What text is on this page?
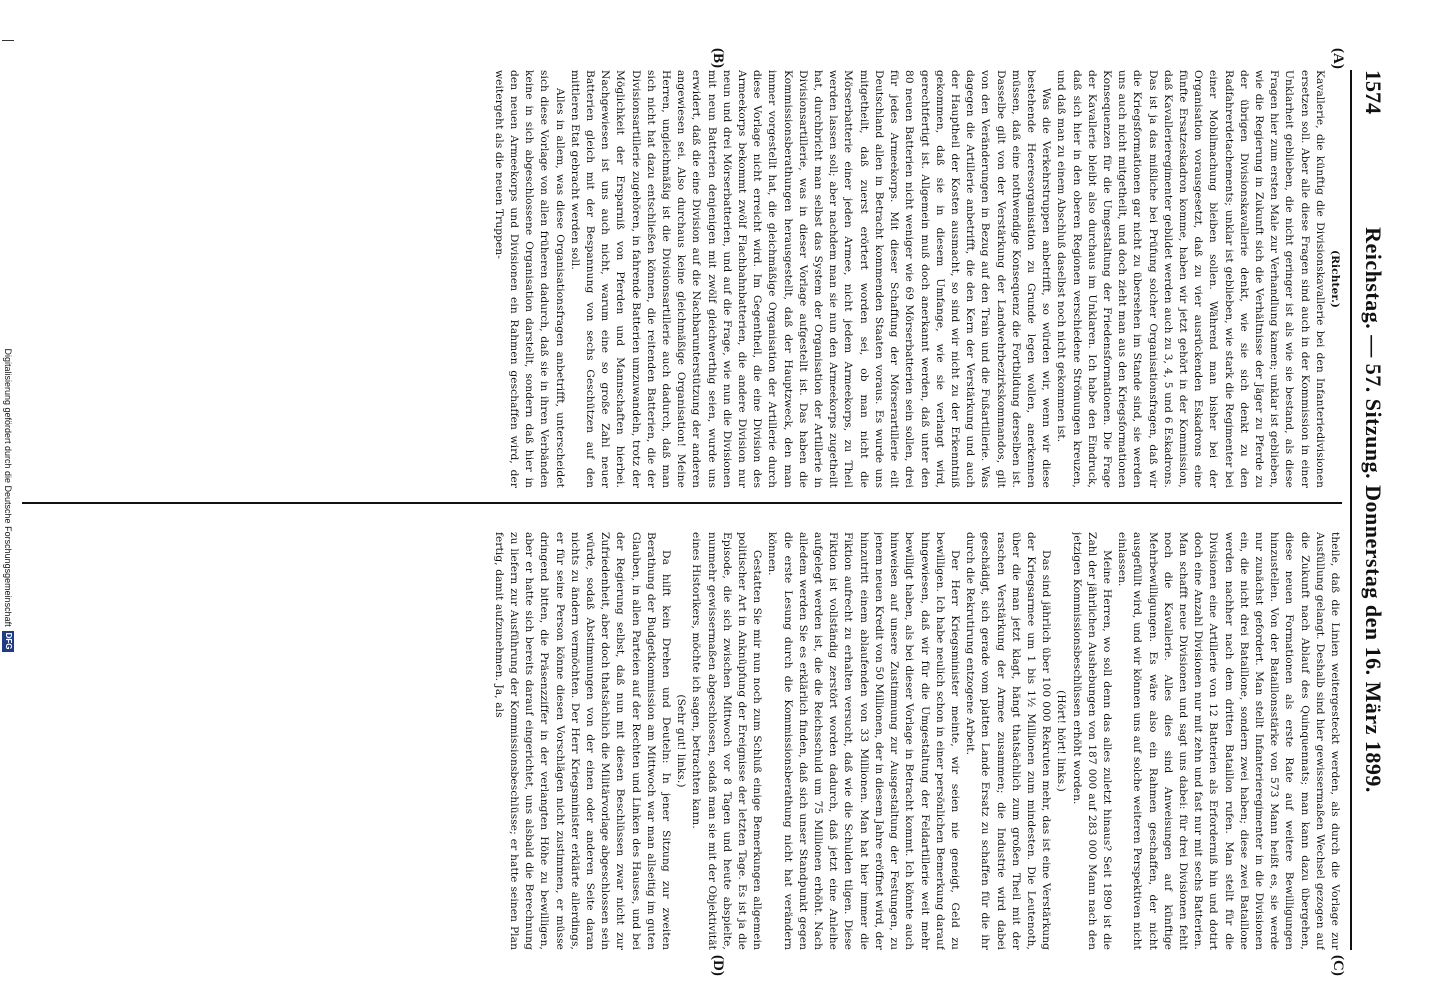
1574
Reichstag. — 57. Sitzung. Donnerstag den 16. März 1899.
(A)
(B)
(C)
(D)

(Richter.)

Kavallerie, die künftig die Divisionskavallerie bei den Infanteriedivisionen ersetzen soll. Aber alle diese Fragen sind auch in der Kommission in einer Unklarheit geblieben, die nicht geringer ist als wie sie bestand, als diese Fragen hier zum ersten Male zur Verhandlung kamen; unklar ist geblieben, wie die Regierung in Zukunft sich die Verhältnisse der Jäger zu Pferde zu der übrigen Divisionskavallerie denkt, wie sie sich denkt zu den Radfahrerdetachements; unklar ist geblieben, wie stark die Regimenter bei einer Mobilmachung bleiben sollen. Während man bisher bei der Organisation vorausgesetzt, daß zu vier ausrückenden Eskadrons eine fünfte Ersatzeskadron komme, haben wir jetzt gehört in der Kommission, daß Kavallerieregimenter gebildet werden auch zu 3, 4, 5 und 6 Eskadrons. Das ist ja das mißliche bei Prüfung solcher Organisationsfragen, daß wir die Kriegsformationen gar nicht zu übersehen im Stande sind, sie werden uns auch nicht mitgetheilt, und doch zieht man aus den Kriegsformationen Konsequenzen für die Umgestaltung der Friedensformationen. Die Frage der Kavallerie bleibt also durchaus im Unklaren. Ich habe den Eindruck, daß sich hier in den oberen Regionen verschiedene Strömungen kreuzen, und daß man zu einem Abschluß daselbst noch nicht gekommen ist.

Was die Verkehrstruppen anbetrifft, so würden wir, wenn wir diese bestehende Heeresorganisation zu Grunde legen wollen, anerkennen müssen, daß eine nothwendige Konsequenz die Fortbildung derselben ist. Dasselbe gilt von der Verstärkung der Landwehrbezirkskommandos, gilt von den Veränderungen in Bezug auf den Train und die Fußartillerie. Was dagegen die Artillerie anbetrifft, die den Kern der Verstärkung und auch der Hauptheil der Kosten ausmacht, so sind wir nicht zu der Erkenntniß gekommen, daß sie in diesem Umfange, wie sie verlangt wird, gerechtfertigt ist. Allgemein muß doch anerkannt werden, daß unter den 80 neuen Batterien nicht weniger wie 69 Mörserbatterien sein sollen, drei für jedes Armeekorps. Mit dieser Schaffung der Mörserartillerie eilt Deutschland allen in Betracht kommenden Staaten voraus. Es wurde uns mitgetheilt, daß zuerst erörtert worden sei, ob man nicht die Mörserbatterie einer jeden Armee, nicht jedem Armeekorps, zu Theil werden lassen soll; aber nachdem man sie nun den Armeekorps zugetheilt hat, durchbricht man selbst das System der Organisation der Artillerie in Divisionsartillerie, was in dieser Vorlage aufgestellt ist. Das haben die Kommissionsberathungen herausgestellt, daß der Hauptzweck, den man immer vorgestellt hat, die gleichmäßige Organisation der Artillerie durch diese Vorlage nicht erreicht wird. Im Gegentheil, die eine Division des Armeekorps bekommt zwölf Flachbahnbatterien, die andere Division nur neun und drei Mörserbatterien, und auf die Frage, wie nun die Divisionen mit neun Batterien denjenigen mit zwölf gleichwerthig seien, wurde uns erwidert, daß die eine Division auf die Nachbarunterstützung der anderen angewiesen sei. Also durchaus keine gleichmäßige Organisation! Meine Herren, ungleichmäßig ist die Divisionsartillerie auch dadurch, daß man sich nicht hat dazu entschließen können, die reitenden Batterien, die der Divisionsartillerie zugehören, in fahrende Batterien umzuwandeln, trotz der Möglichkeit der Ersparniß von Pferden und Mannschaften hierbei. Nachgewiesen ist uns auch nicht, warum eine so große Zahl neuer Batterien gleich mit der Bespannung von sechs Geschützen auf den mittleren Etat gebracht werden soll.

Alles in allem, was diese Organisationsfragen anbetrifft, unterscheidet sich diese Vorlage von allen früheren dadurch, daß sie in ihren Verbänden keine in sich abgeschlossene Organisation darstellt, sondern daß hier in den neuen Armeekorps und Divisionen ein Rahmen geschaffen wird, der weitergeht als die neuen Truppen-

theile, daß die Linien weitergesteckt werden, als durch die Vorlage zur Ausfüllung gelangt. Deshalb sind hier gewissermaßen Wechsel gezogen auf die Zukunft nach Ablauf des Quinquennats; man kann dazu übergehen, diese neuen Formationen als erste Rate auf weitere Bewilligungen hinzustellen. Von der Bataillonsstärke von 573 Mann heißt es, sie werde nur zunächst gefordert. Man stellt Infanterieregimenter in die Divisionen ein, die nicht drei Bataillone, sondern zwei haben; diese zwei Bataillone werden nachher nach dem dritten Bataillon rufen. Man stellt für die Divisionen eine Artillerie von 12 Batterien als Erforderniß hin und dotirt doch eine Anzahl Divisionen nur mit zehn und fast nur mit sechs Batterien. Man schafft neue Divisionen und sagt uns dabei: für drei Divisionen fehlt noch die Kavallerie. Alles dies sind Anweisungen auf künftige Mehrbewilligungen. Es wäre also ein Rahmen geschaffen, der nicht ausgefüllt wird, und wir können uns auf solche weiteren Perspektiven nicht einlassen.

Meine Herren, wo soll denn das alles zuletzt hinaus? Seit 1890 ist die Zahl der jährlichen Aushebungen von 187 000 auf 283 000 Mann nach den jetzigen Kommissionsbeschlüssen erhöht worden.

(Hört! hört! links.)

Das sind jährlich über 100 000 Rekruten mehr, das ist eine Verstärkung der Kriegsarmee um 1 bis 1½ Millionen zum mindesten. Die Leutenoth, über die man jetzt klagt, hängt thatsächlich zum großen Theil mit der raschen Verstärkung der Armee zusammen; die Industrie wird dabei geschädigt, sich gerade vom platten Lande Ersatz zu schaffen für die ihr durch die Rekrutirung entzogene Arbeit.

Der Herr Kriegsminister meinte, wir seien nie geneigt, Geld zu bewilligen. Ich habe neulich schon in einer persönlichen Bemerkung darauf hingewiesen, daß wir für die Umgestaltung der Feldartillerie weit mehr bewilligt haben, als bei dieser Vorlage in Betracht kommt. Ich könnte auch hinweisen auf unsere Zustimmung zur Ausgestaltung der Festungen, zu jenem neuen Kredit von 50 Millionen, der in diesem Jahre eröffnet wird, der hinzutritt einem ablaufenden von 33 Millionen. Man hat hier immer die Fiktion aufrecht zu erhalten versucht, daß wie die Schulden tilgen. Diese Fiktion ist vollständig zerstört worden dadurch, daß jetzt eine Anleihe aufgelegt werden ist, die die Reichsschuld um 75 Millionen erhöht. Nach alledem werden Sie es erklärlich finden, daß sich unser Standpunkt gegen die erste Lesung durch die Kommissionsberathung nicht hat verändern können.

Gestatten Sie mir nun noch zum Schluß einige Bemerkungen allgemein politischer Art in Anknüpfung der Ereignisse der letzten Tage. Es ist ja die Episode, die sich zwischen Mittwoch vor 8 Tagen und heute abspielte, nunmehr gewissermaßen abgeschlossen, sodaß man sie mit der Objektivität eines Historikers, möchte ich sagen, betrachten kann.

(Sehr gut! links.)

Da hilft kein Drehen und Deuteln: In jener Sitzung zur zweiten Berathung der Budgetkommission am Mittwoch war man allseitig im guten Glauben, in allen Parteien auf der Rechten und Linken des Hauses, und bei der Regierung selbst, daß nun mit diesen Beschlüssen zwar nicht zur Zufriedenheit, aber doch thatsächlich die Militärvorlage abgeschlossen sein würde, sodaß Abstimmungen von der einen oder anderen Seite daran nichts zu ändern vermöchten. Der Herr Kriegsminister erklärte allerdings, er für seine Person könne diesen Vorschlägen nicht zustimmen, er müsse dringend bitten, die Präsenzziffer in der verlangten Höhe zu bewilligen, aber er hatte sich bereits darauf eingerichtet, uns alsbald die Berechnung zu liefern zur Ausführung der Kommissionsbeschlüsse; er hatte seinen Plan fertig, damit aufzunehmen. Ja, als

Digitalisierung gefördert durch die Deutsche Forschungsgemeinschaft
DFG
